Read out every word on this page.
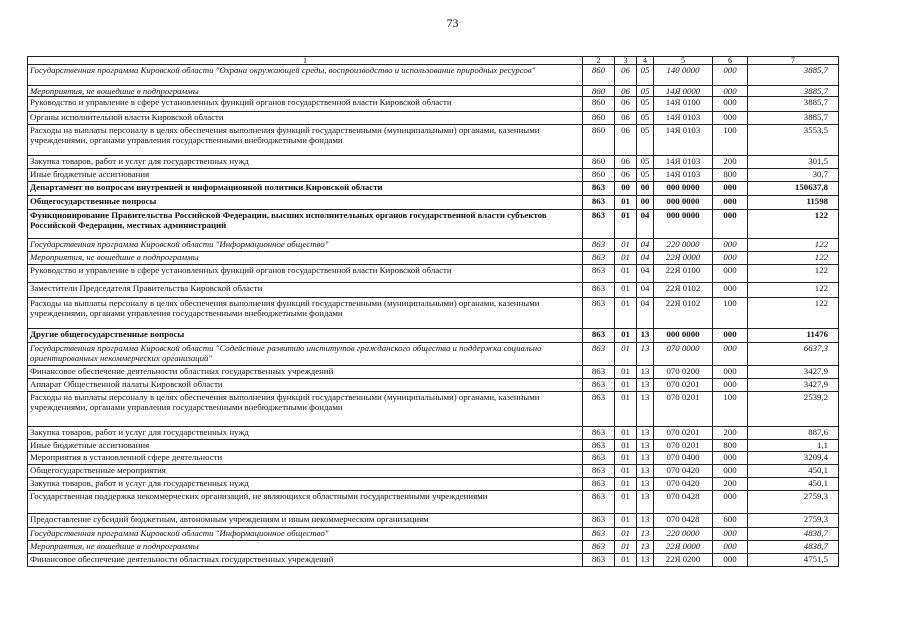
73
1	2	3	4	5	6	7
Государственная программа Кировской области "Охрана окружающей среды, воспроизводство и использование природных ресурсов"	860	06	05	140 0000	000	3885,7
Мероприятия, не вошедшие в подпрограммы	860	06	05	14Я 0000	000	3885,7
Руководство и управление в сфере установленных функций органов государственной власти Кировской области	860	06	05	14Я 0100	000	3885,7
Органы исполнительной власти Кировской области	860	06	05	14Я 0103	000	3885,7
Расходы на выплаты персоналу в целях обеспечения выполнения функций государственными (муниципальными) органами, казенными учреждениями, органами управления государственными внебюджетными фондами	860	06	05	14Я 0103	100	3553,5
Закупка товаров, работ и услуг для государственных нужд	860	06	05	14Я 0103	200	301,5
Иные бюджетные ассигнования	860	06	05	14Я 0103	800	30,7
Департамент по вопросам внутренней и информационной политики Кировской области	863	00	00	000 0000	000	150637,8
Общегосударственные вопросы	863	01	00	000 0000	000	11598
Функционирование Правительства Российской Федерации, высших исполнительных органов государственной власти субъектов Российской Федерации, местных администраций	863	01	04	000 0000	000	122
Государственная программа Кировской области "Информационное общество"	863	01	04	220 0000	000	122
Мероприятия, не вошедшие в подпрограммы	863	01	04	22Я 0000	000	122
Руководство и управление в сфере установленных функций органов государственной власти Кировской области	863	01	04	22Я 0100	000	122
Заместители Председателя Правительства Кировской области	863	01	04	22Я 0102	000	122
Расходы на выплаты персоналу в целях обеспечения выполнения функций государственными (муниципальными) органами, казенными учреждениями, органами управления государственными внебюджетными фондами	863	01	04	22Я 0102	100	122
Другие общегосударственные вопросы	863	01	13	000 0000	000	11476
Государственная программа Кировской области "Содействие развитию институтов гражданского общества и поддержка социально ориентированных некоммерческих организаций"	863	01	13	070 0000	000	6637,3
Финансовое обеспечение деятельности областных государственных учреждений	863	01	13	070 0200	000	3427,9
Аппарат Общественной палаты Кировской области	863	01	13	070 0201	000	3427,9
Расходы на выплаты персоналу в целях обеспечения выполнения функций государственными (муниципальными) органами, казенными учреждениями, органами управления государственными внебюджетными фондами	863	01	13	070 0201	100	2539,2
Закупка товаров, работ и услуг для государственных нужд	863	01	13	070 0201	200	887,6
Иные бюджетные ассигнования	863	01	13	070 0201	800	1,1
Мероприятия в установленной сфере деятельности	863	01	13	070 0400	000	3209,4
Общегосударственные мероприятия	863	01	13	070 0420	000	450,1
Закупка товаров, работ и услуг для государственных нужд	863	01	13	070 0420	200	450,1
Государственная поддержка некоммерческих организаций, не являющихся областными государственными учреждениями	863	01	13	070 0428	000	2759,3
Предоставление субсидий бюджетным, автономным учреждениям и иным некоммерческим организациям	863	01	13	070 0428	600	2759,3
Государственная программа Кировской области "Информационное общество"	863	01	13	220 0000	000	4838,7
Мероприятия, не вошедшие в подпрограммы	863	01	13	22Я 0000	000	4838,7
Финансовое обеспечение деятельности областных государственных учреждений	863	01	13	22Я 0200	000	4751,5
